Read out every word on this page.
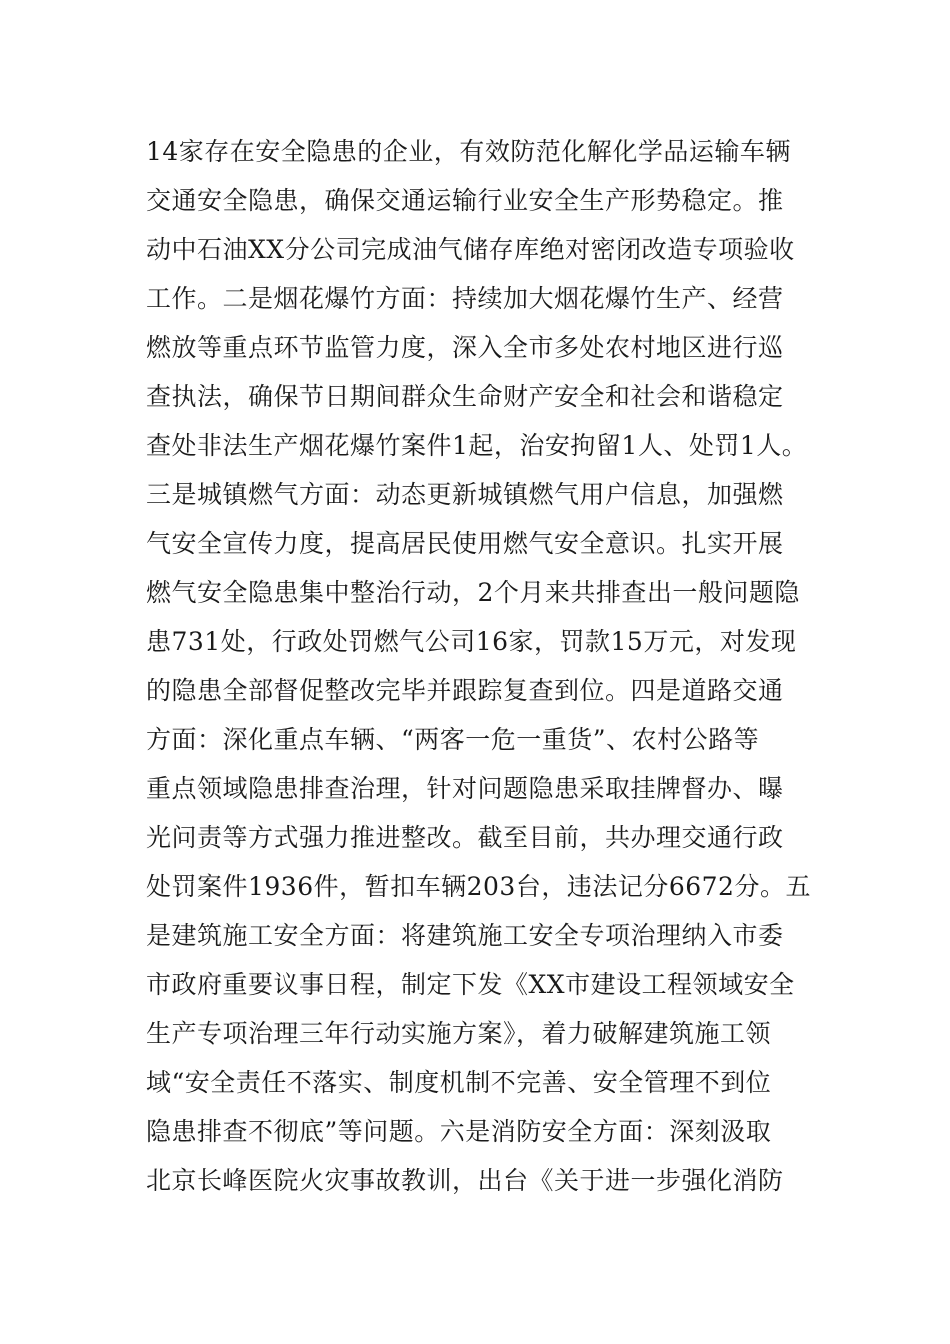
14家存在安全隐患的企业，有效防范化解化学品运输车辆
交通安全隐患，确保交通运输行业安全生产形势稳定。推
动中石油XX分公司完成油气储存库绝对密闭改造专项验收
工作。二是烟花爆竹方面：持续加大烟花爆竹生产、经营
燃放等重点环节监管力度，深入全市多处农村地区进行巡
查执法，确保节日期间群众生命财产安全和社会和谐稳定
查处非法生产烟花爆竹案件1起，治安拘留1人、处罚1人。
三是城镇燃气方面：动态更新城镇燃气用户信息，加强燃
气安全宣传力度，提高居民使用燃气安全意识。扎实开展
燃气安全隐患集中整治行动，2个月来共排查出一般问题隐
患731处，行政处罚燃气公司16家，罚款15万元，对发现
的隐患全部督促整改完毕并跟踪复查到位。四是道路交通
方面：深化重点车辆、“两客一危一重货”、农村公路等
重点领域隐患排查治理，针对问题隐患采取挂牌督办、曝
光问责等方式强力推进整改。截至目前，共办理交通行政
处罚案件1936件，暂扣车辆203台，违法记分6672分。五
是建筑施工安全方面：将建筑施工安全专项治理纳入市委
市政府重要议事日程，制定下发《XX市建设工程领域安全
生产专项治理三年行动实施方案》，着力破解建筑施工领
域“安全责任不落实、制度机制不完善、安全管理不到位
隐患排查不彻底”等问题。六是消防安全方面：深刻汲取
北京长峰医院火灾事故教训，出台《关于进一步强化消防
